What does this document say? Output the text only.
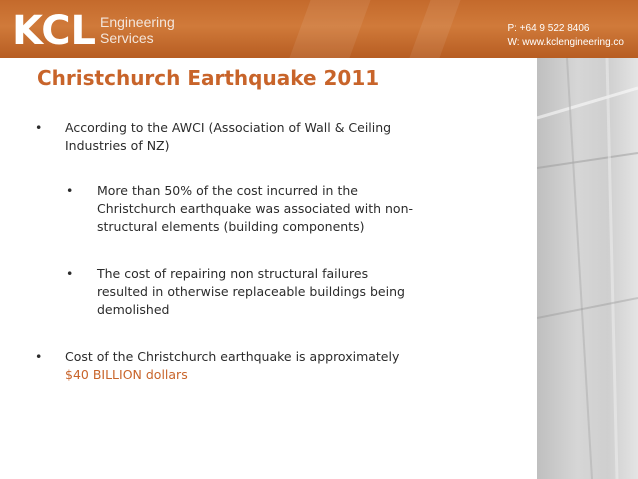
KCL Engineering
Services
P: +64 9 522 8406
W: www.kclengineering.co
Christchurch Earthquake 2011
• According to the AWCI (Association of Wall & Ceiling
Industries of NZ)
• More than 50% of the cost incurred in the
Christchurch earthquake was associated with non-
structural elements (building components)
• The cost of repairing non structural failures
resulted in otherwise replaceable buildings being
demolished
• Cost of the Christchurch earthquake is approximately
$40 BILLION dollars
